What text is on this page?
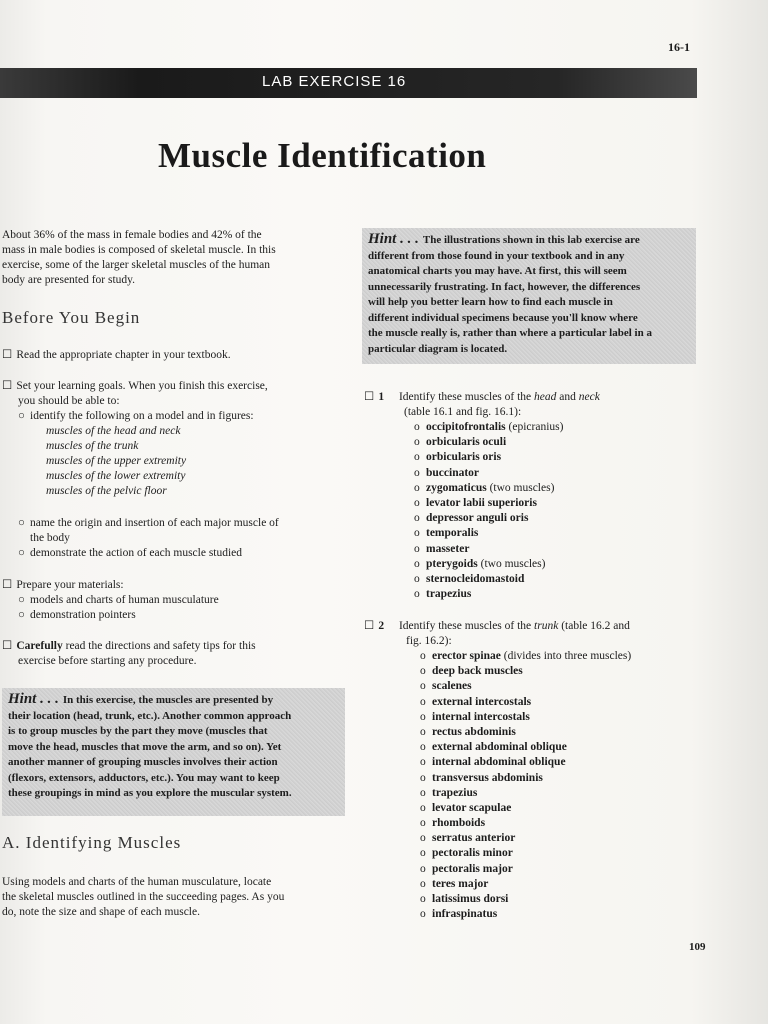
16-1
LAB EXERCISE 16
Muscle Identification
About 36% of the mass in female bodies and 42% of the
mass in male bodies is composed of skeletal muscle. In this
exercise, some of the larger skeletal muscles of the human
body are presented for study.
Before You Begin
☐ Read the appropriate chapter in your textbook.
☐ Set your learning goals. When you finish this exercise,
you should be able to:
○ identify the following on a model and in figures:
muscles of the head and neck
muscles of the trunk
muscles of the upper extremity
muscles of the lower extremity
muscles of the pelvic floor
○ name the origin and insertion of each major muscle of
the body
○ demonstrate the action of each muscle studied
☐ Prepare your materials:
○ models and charts of human musculature
○ demonstration pointers
☐ Carefully read the directions and safety tips for this
exercise before starting any procedure.
Hint . . . In this exercise, the muscles are presented by
their location (head, trunk, etc.). Another common approach
is to group muscles by the part they move (muscles that
move the head, muscles that move the arm, and so on). Yet
another manner of grouping muscles involves their action
(flexors, extensors, adductors, etc.). You may want to keep
these groupings in mind as you explore the muscular system.
A. Identifying Muscles
Using models and charts of the human musculature, locate
the skeletal muscles outlined in the succeeding pages. As you
do, note the size and shape of each muscle.
Hint . . . The illustrations shown in this lab exercise are
different from those found in your textbook and in any
anatomical charts you may have. At first, this will seem
unnecessarily frustrating. In fact, however, the differences
will help you better learn how to find each muscle in
different individual specimens because you'll know where
the muscle really is, rather than where a particular label in a
particular diagram is located.
☐ 1 Identify these muscles of the head and neck
(table 16.1 and fig. 16.1):
o occipitofrontalis (epicranius)
o orbicularis oculi
o orbicularis oris
o buccinator
o zygomaticus (two muscles)
o levator labii superioris
o depressor anguli oris
o temporalis
o masseter
o pterygoids (two muscles)
o sternocleidomastoid
o trapezius
☐ 2 Identify these muscles of the trunk (table 16.2 and
fig. 16.2):
o erector spinae (divides into three muscles)
o deep back muscles
o scalenes
o external intercostals
o internal intercostals
o rectus abdominis
o external abdominal oblique
o internal abdominal oblique
o transversus abdominis
o trapezius
o levator scapulae
o rhomboids
o serratus anterior
o pectoralis minor
o pectoralis major
o teres major
o latissimus dorsi
o infraspinatus
109
